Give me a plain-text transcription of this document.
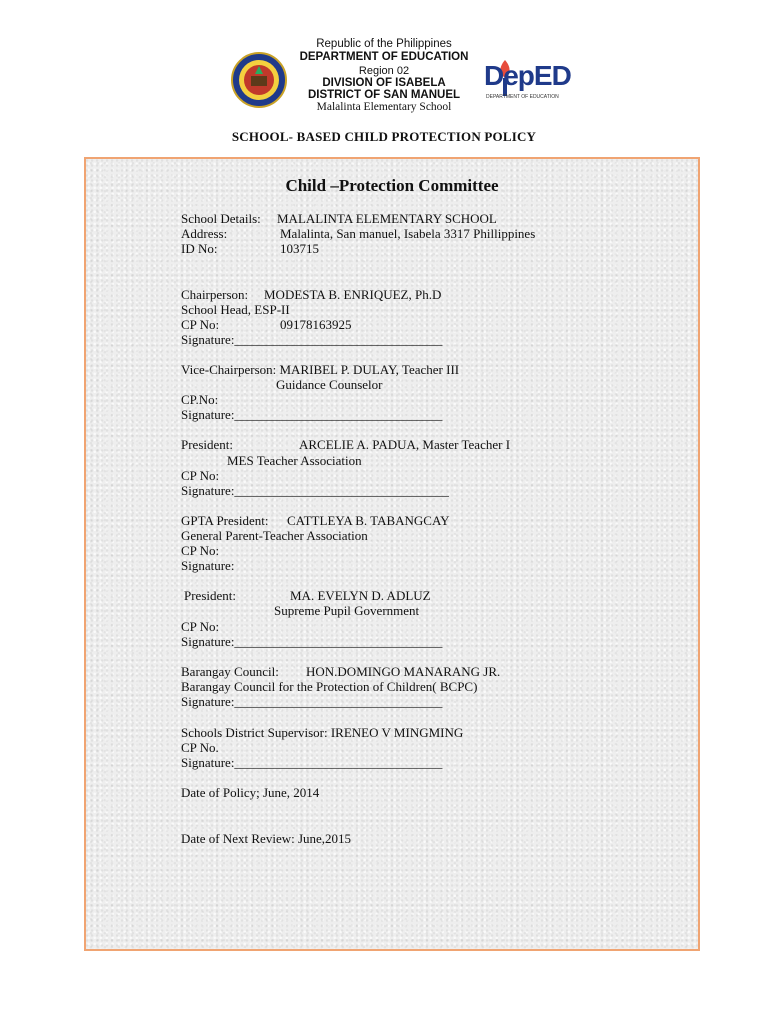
Republic of the Philippines
DEPARTMENT OF EDUCATION
Region 02
DIVISION OF ISABELA
DISTRICT OF SAN MANUEL
Malalinta Elementary School
DepED
DEPARTMENT OF EDUCATION
SCHOOL- BASED CHILD PROTECTION POLICY
Child –Protection Committee
School Details: MALALINTA ELEMENTARY SCHOOL
Address:	Malalinta, San manuel, Isabela 3317 Phillippines
ID No:	103715
Chairperson: MODESTA B. ENRIQUEZ, Ph.D
School Head, ESP-II
CP No:	09178163925
Signature:________________________________
Vice-Chairperson: MARIBEL P. DULAY, Teacher III
Guidance Counselor
CP.No:
Signature:________________________________
President:	ARCELIE A. PADUA, Master Teacher I
MES Teacher Association
CP No:
Signature:_________________________________
GPTA President: CATTLEYA B. TABANGCAY
General Parent-Teacher Association
CP No:
Signature:
President:	MA. EVELYN D. ADLUZ
Supreme Pupil Government
CP No:
Signature:________________________________
Barangay Council: HON.DOMINGO MANARANG JR.
Barangay Council for the Protection of Children( BCPC)
Signature:________________________________
Schools District Supervisor: IRENEO V MINGMING
CP No.
Signature:________________________________
Date of Policy; June, 2014
Date of Next Review: June,2015
